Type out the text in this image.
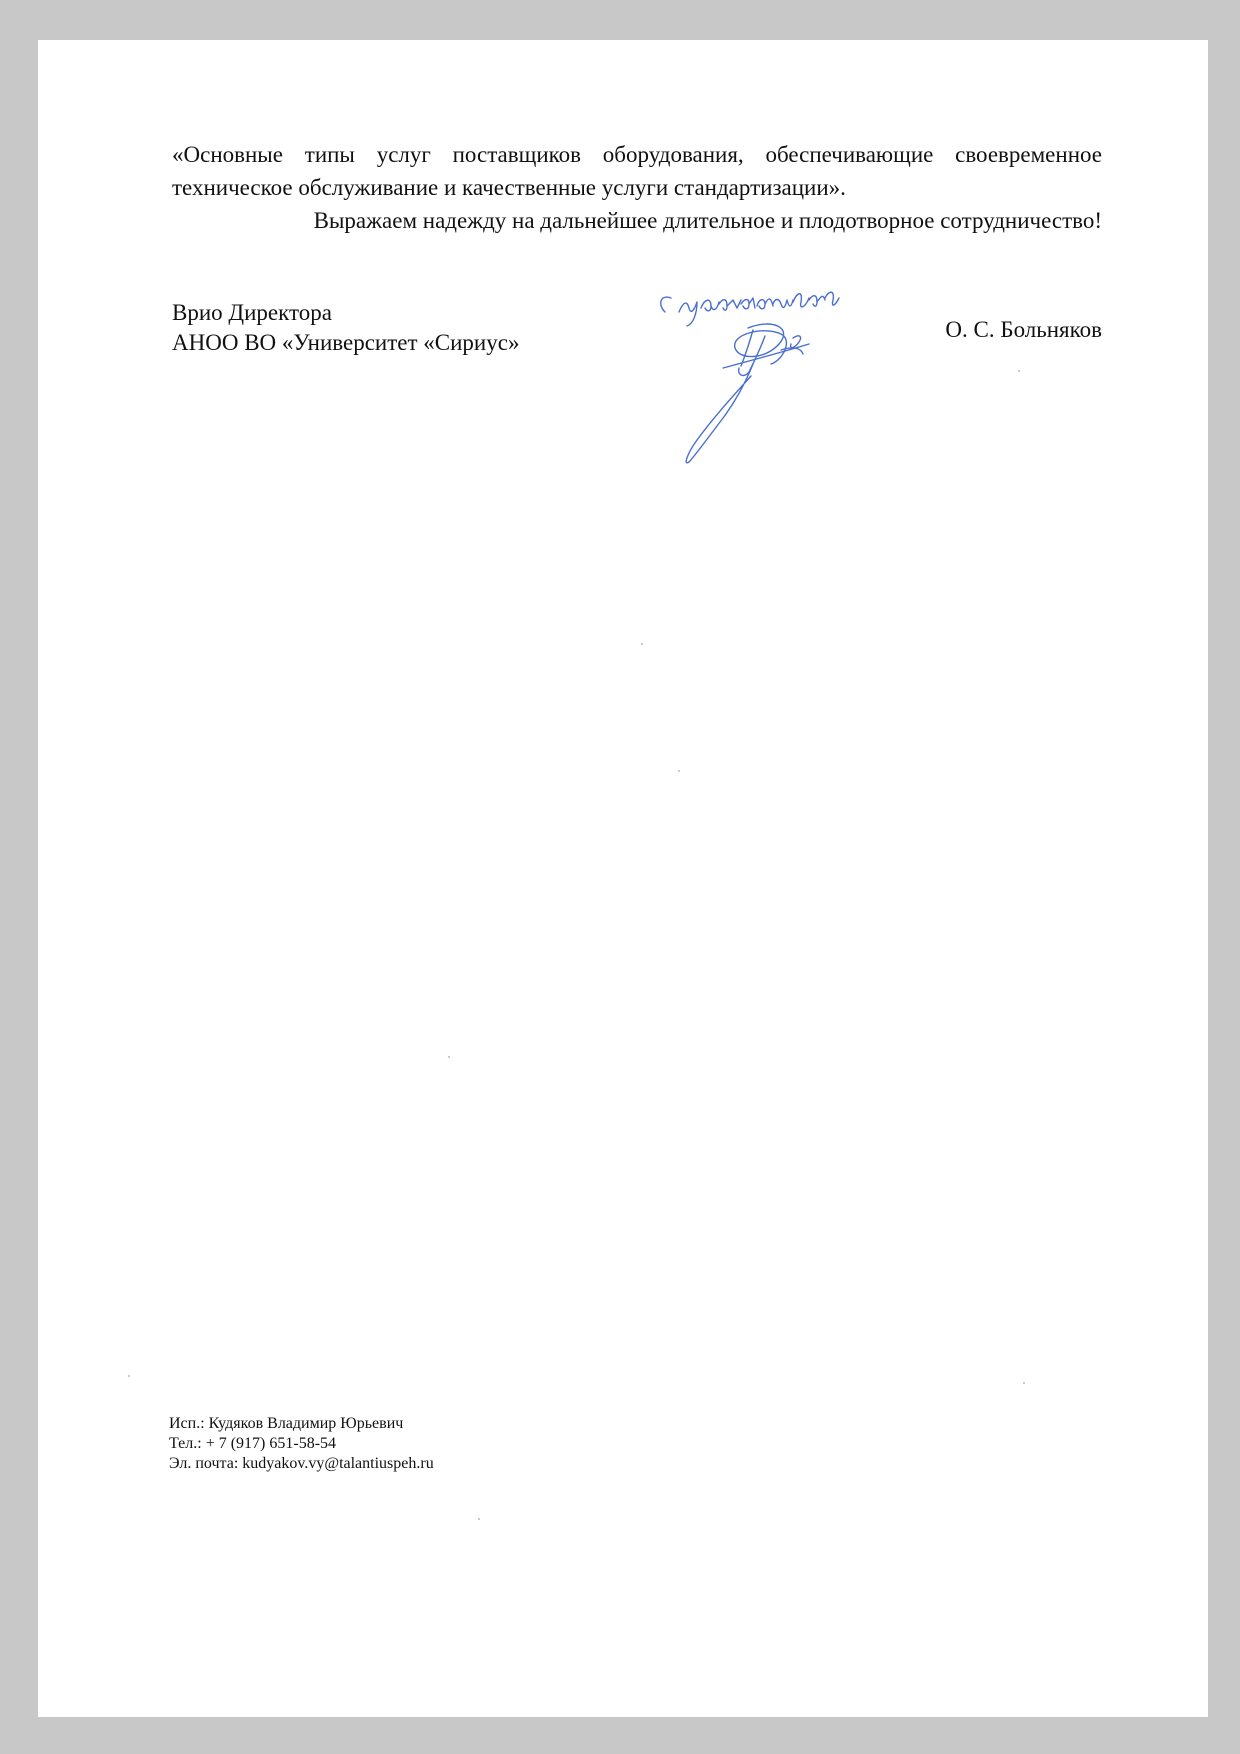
«Основные типы услуг поставщиков оборудования, обеспечивающие своевременное
техническое обслуживание и качественные услуги стандартизации».

Выражаем надежду на дальнейшее длительное и плодотворное сотрудничество!

Врио Директора
АНОО ВО «Университет «Сириус»
О. С. Больняков
Исп.: Кудяков Владимир Юрьевич
Тел.: + 7 (917) 651-58-54
Эл. почта: kudyakov.vy@talantiuspeh.ru
